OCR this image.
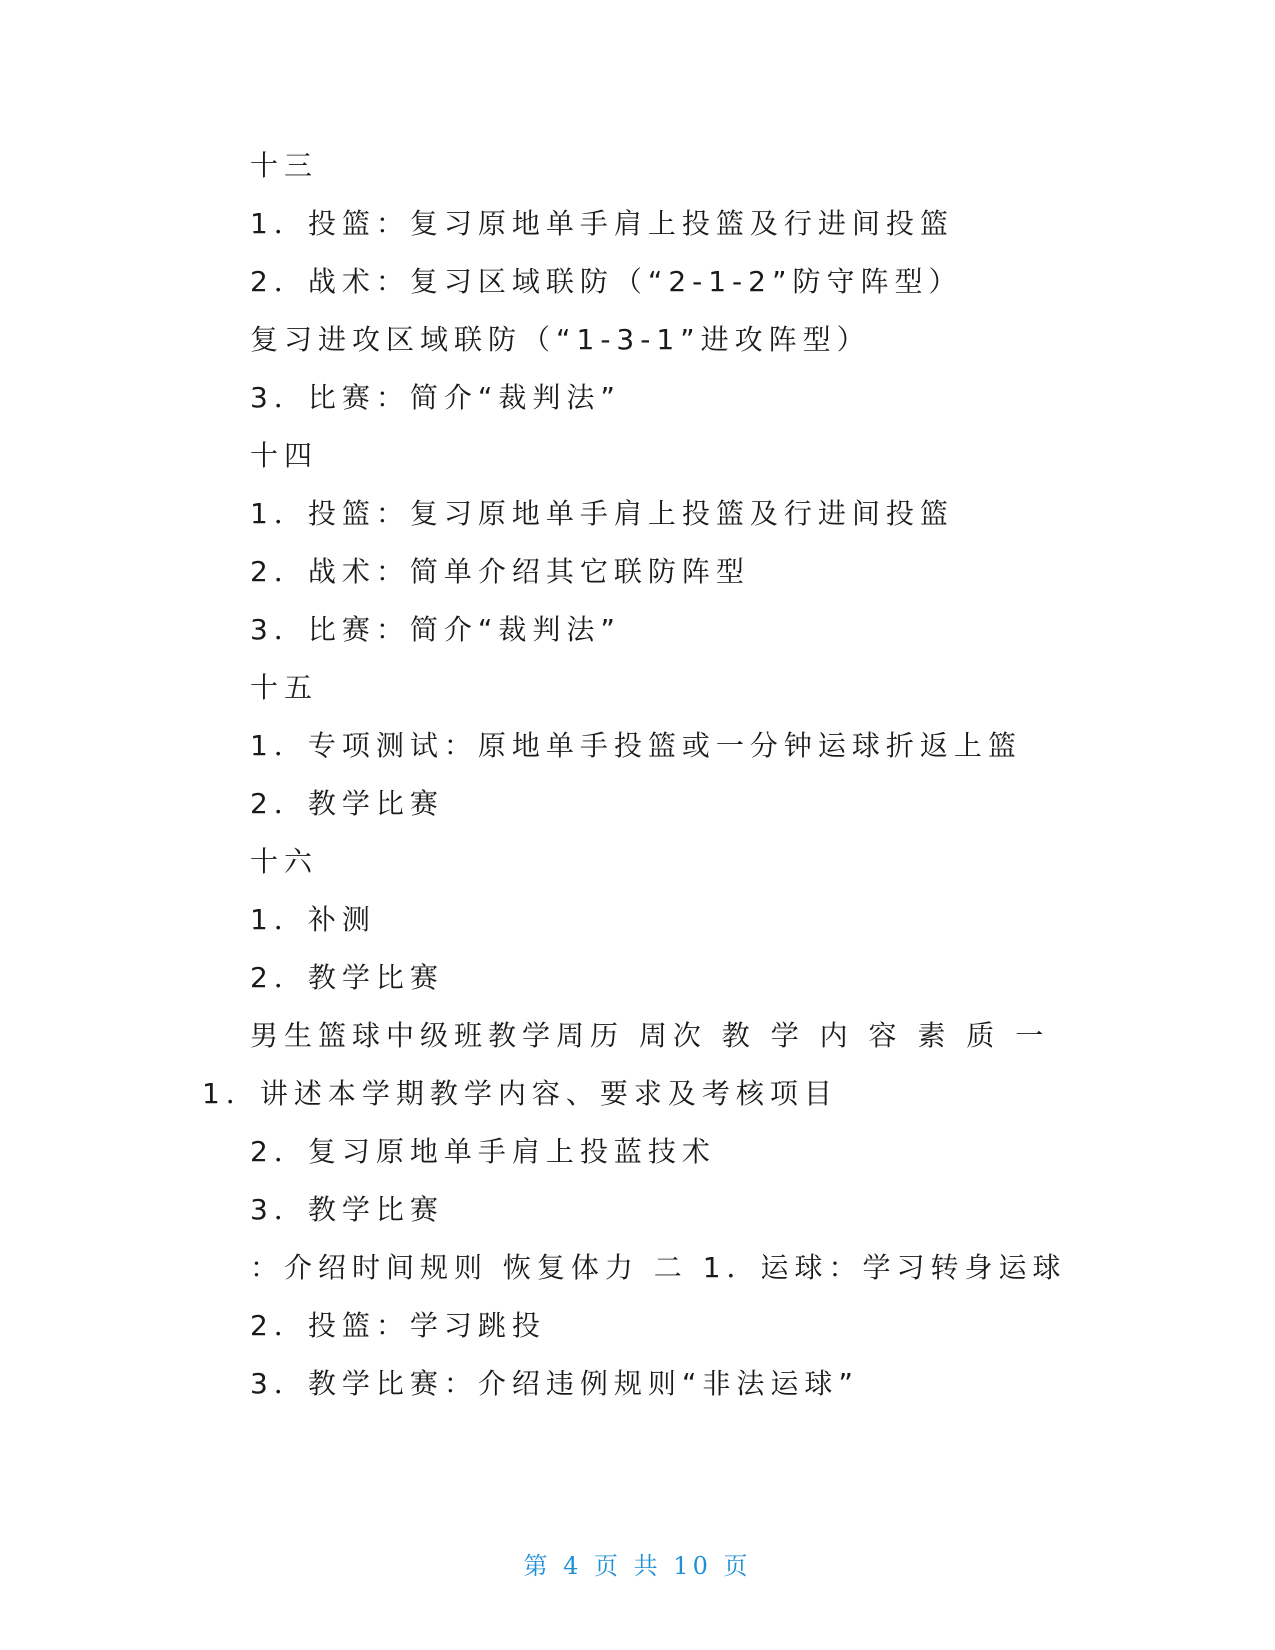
十三
1．投篮：复习原地单手肩上投篮及行进间投篮
2．战术：复习区域联防（“2-1-2”防守阵型）
复习进攻区域联防（“1-3-1”进攻阵型）
3．比赛：简介“裁判法”
十四
1．投篮：复习原地单手肩上投篮及行进间投篮
2．战术：简单介绍其它联防阵型
3．比赛：简介“裁判法”
十五
1．专项测试：原地单手投篮或一分钟运球折返上篮
2．教学比赛
十六
1．补测
2．教学比赛
男生篮球中级班教学周历 周次 教 学 内 容 素 质 一
1．讲述本学期教学内容、要求及考核项目
2．复习原地单手肩上投蓝技术
3．教学比赛
：介绍时间规则 恢复体力 二 1．运球：学习转身运球
2．投篮：学习跳投
3．教学比赛：介绍违例规则“非法运球”
第 4 页 共 10 页
